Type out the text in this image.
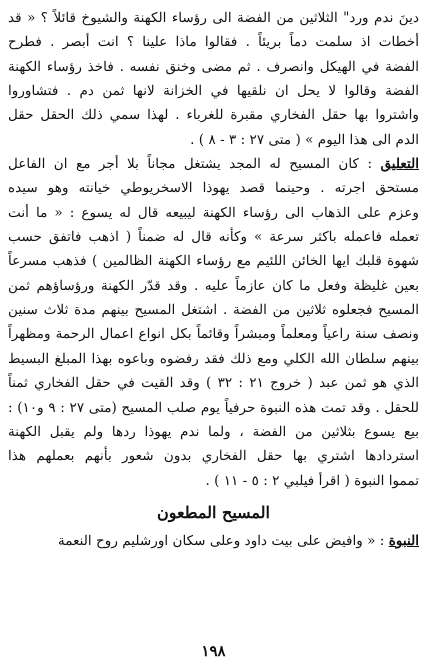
دينَ ندم ورد" الثلاثين من الفضة الى رؤساء الكهنة والشيوخ قائلاً ؟ « قد
أخطات اذ سلمت دماً بريئاً . فقالوا ماذا علينا ؟ انت أبصر . فطرح
الفضة في الهيكل وانصرف . ثم مضى وخنق نفسه . فاخذ رؤساء الكهنة
الفضة وقالوا لا يحل ان نلقيها في الخزانة لانها ثمن دم . فتشاوروا
واشتروا بها حقل الفخاري مقبرة للغرباء . لهذا سمي ذلك الحقل حقل
الدم الى هذا اليوم » ( متى ٢٧ : ٣ - ٨ ) .
التعليق : كان المسيح له المجد يشتغل مجاناً بلا أجر مع ان الفاعل
مستحق اجرته . وحينما قصد يهوذا الاسخريوطي خيانته وهو سيده
وعزم على الذهاب الى رؤساء الكهنة ليبيعه قال له يسوع : « ما أنت
تعمله فاعمله باكثر سرعة » وكأنه قال له ضمناً ( اذهب فاتفق حسب
شهوة قلبك ايها الخائن اللئيم مع رؤساء الكهنة الظالمين ) فذهب مسرعاً
بعين غليظة وفعل ما كان عازماً عليه . وقد قدّر الكهنة ورؤساؤهم ثمن
المسيح فجعلوه ثلاثين من الفضة . اشتغل المسيح بينهم مدة ثلاث سنين
ونصف سنة راعياً ومعلماً ومبشراً وقائماً بكل انواع اعمال الرحمة ومظهراً
بينهم سلطان الله الكلي ومع ذلك فقد رفضوه وباعوه بهذا المبلغ البسيط
الذي هو ثمن عبد ( خروج ٢١ : ٣٢ ) وقد القيت في حقل الفخاري ثمناً
للحقل . وقد تمت هذه النبوة حرفياً يوم صلب المسيح (متى ٢٧ : ٩ و١٠) :
بيع يسوع بثلاثين من الفضة ، ولما ندم يهوذا ردها ولم يقبل الكهنة
استردادها اشتري بها حقل الفخاري بدون شعور بأنهم بعملهم هذا
تمموا النبوة ( اقرأ فيلبي ٢ : ٥ - ١١ ) .
المسيح المطعون
النبوة : « وافيض على بيت داود وعلى سكان اورشليم روح النعمة
١٩٨
